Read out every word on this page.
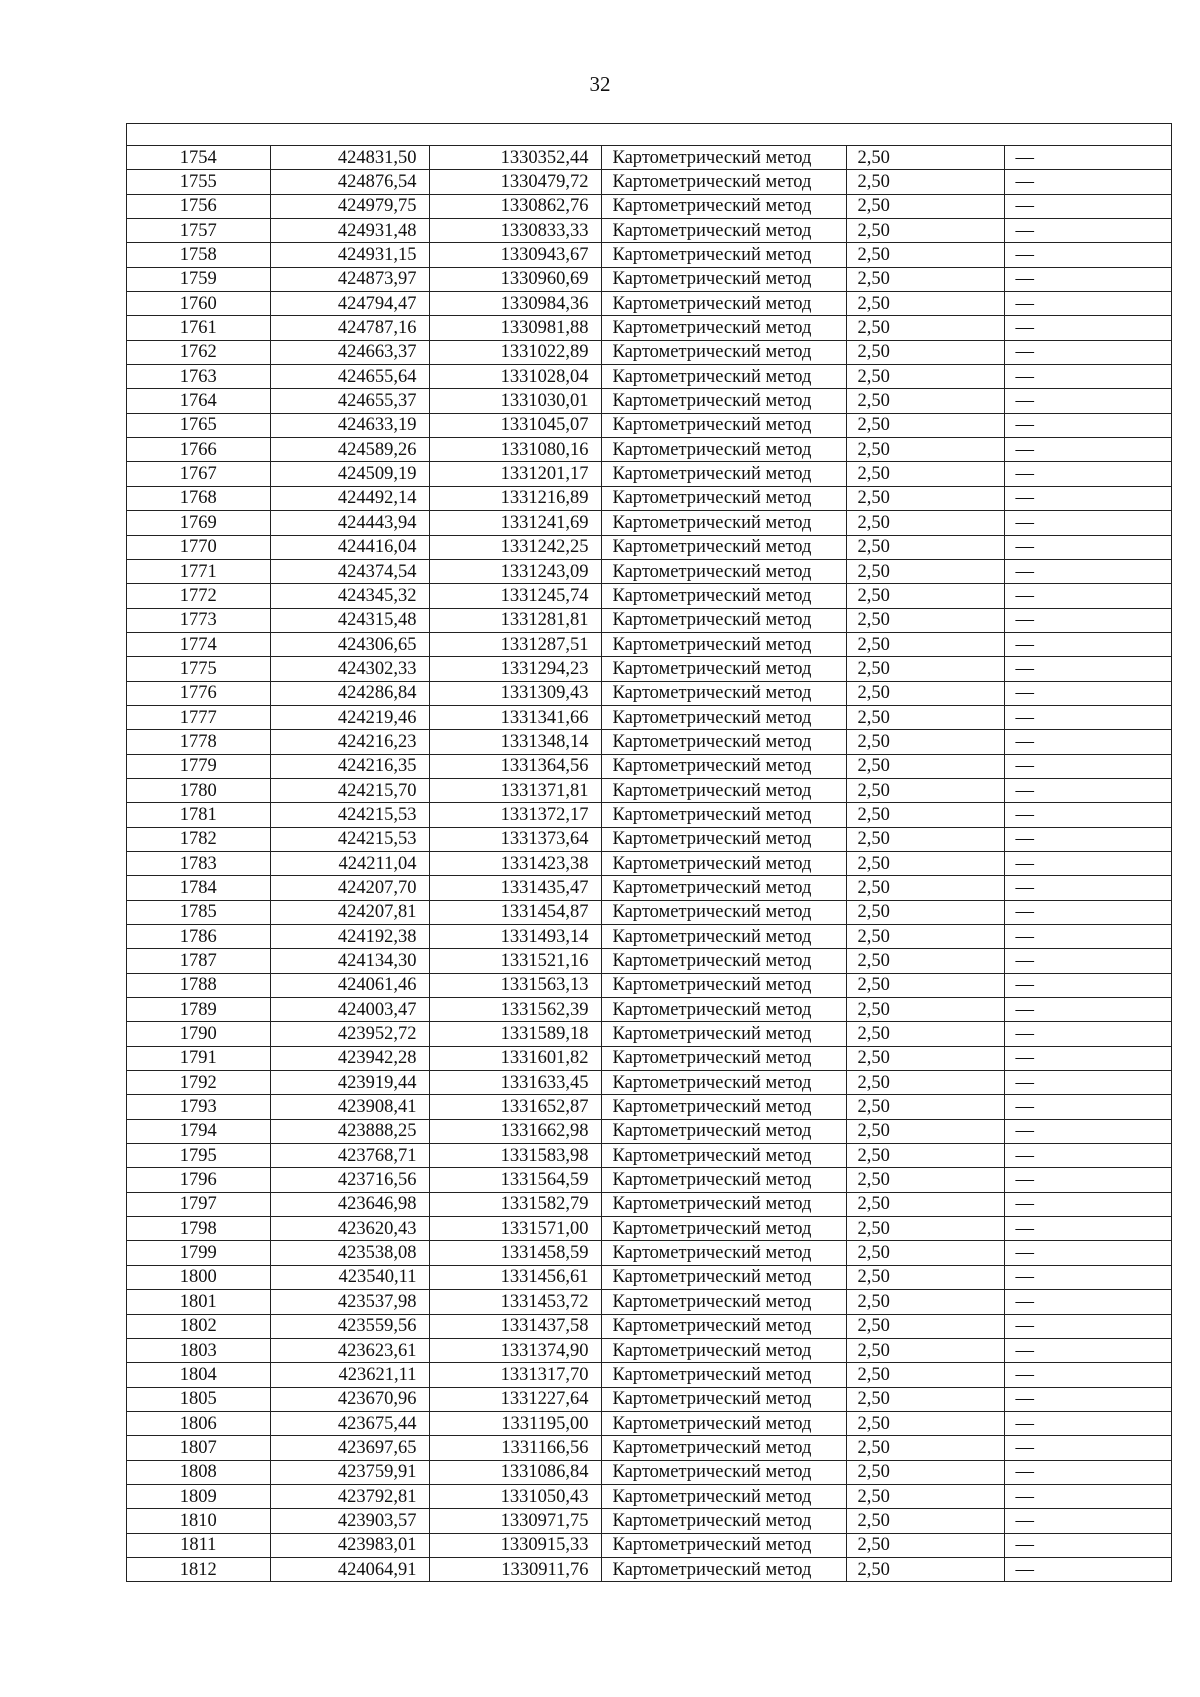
32
1754	424831,50	1330352,44	Картометрический метод	2,50	—
1755	424876,54	1330479,72	Картометрический метод	2,50	—
1756	424979,75	1330862,76	Картометрический метод	2,50	—
1757	424931,48	1330833,33	Картометрический метод	2,50	—
1758	424931,15	1330943,67	Картометрический метод	2,50	—
1759	424873,97	1330960,69	Картометрический метод	2,50	—
1760	424794,47	1330984,36	Картометрический метод	2,50	—
1761	424787,16	1330981,88	Картометрический метод	2,50	—
1762	424663,37	1331022,89	Картометрический метод	2,50	—
1763	424655,64	1331028,04	Картометрический метод	2,50	—
1764	424655,37	1331030,01	Картометрический метод	2,50	—
1765	424633,19	1331045,07	Картометрический метод	2,50	—
1766	424589,26	1331080,16	Картометрический метод	2,50	—
1767	424509,19	1331201,17	Картометрический метод	2,50	—
1768	424492,14	1331216,89	Картометрический метод	2,50	—
1769	424443,94	1331241,69	Картометрический метод	2,50	—
1770	424416,04	1331242,25	Картометрический метод	2,50	—
1771	424374,54	1331243,09	Картометрический метод	2,50	—
1772	424345,32	1331245,74	Картометрический метод	2,50	—
1773	424315,48	1331281,81	Картометрический метод	2,50	—
1774	424306,65	1331287,51	Картометрический метод	2,50	—
1775	424302,33	1331294,23	Картометрический метод	2,50	—
1776	424286,84	1331309,43	Картометрический метод	2,50	—
1777	424219,46	1331341,66	Картометрический метод	2,50	—
1778	424216,23	1331348,14	Картометрический метод	2,50	—
1779	424216,35	1331364,56	Картометрический метод	2,50	—
1780	424215,70	1331371,81	Картометрический метод	2,50	—
1781	424215,53	1331372,17	Картометрический метод	2,50	—
1782	424215,53	1331373,64	Картометрический метод	2,50	—
1783	424211,04	1331423,38	Картометрический метод	2,50	—
1784	424207,70	1331435,47	Картометрический метод	2,50	—
1785	424207,81	1331454,87	Картометрический метод	2,50	—
1786	424192,38	1331493,14	Картометрический метод	2,50	—
1787	424134,30	1331521,16	Картометрический метод	2,50	—
1788	424061,46	1331563,13	Картометрический метод	2,50	—
1789	424003,47	1331562,39	Картометрический метод	2,50	—
1790	423952,72	1331589,18	Картометрический метод	2,50	—
1791	423942,28	1331601,82	Картометрический метод	2,50	—
1792	423919,44	1331633,45	Картометрический метод	2,50	—
1793	423908,41	1331652,87	Картометрический метод	2,50	—
1794	423888,25	1331662,98	Картометрический метод	2,50	—
1795	423768,71	1331583,98	Картометрический метод	2,50	—
1796	423716,56	1331564,59	Картометрический метод	2,50	—
1797	423646,98	1331582,79	Картометрический метод	2,50	—
1798	423620,43	1331571,00	Картометрический метод	2,50	—
1799	423538,08	1331458,59	Картометрический метод	2,50	—
1800	423540,11	1331456,61	Картометрический метод	2,50	—
1801	423537,98	1331453,72	Картометрический метод	2,50	—
1802	423559,56	1331437,58	Картометрический метод	2,50	—
1803	423623,61	1331374,90	Картометрический метод	2,50	—
1804	423621,11	1331317,70	Картометрический метод	2,50	—
1805	423670,96	1331227,64	Картометрический метод	2,50	—
1806	423675,44	1331195,00	Картометрический метод	2,50	—
1807	423697,65	1331166,56	Картометрический метод	2,50	—
1808	423759,91	1331086,84	Картометрический метод	2,50	—
1809	423792,81	1331050,43	Картометрический метод	2,50	—
1810	423903,57	1330971,75	Картометрический метод	2,50	—
1811	423983,01	1330915,33	Картометрический метод	2,50	—
1812	424064,91	1330911,76	Картометрический метод	2,50	—
